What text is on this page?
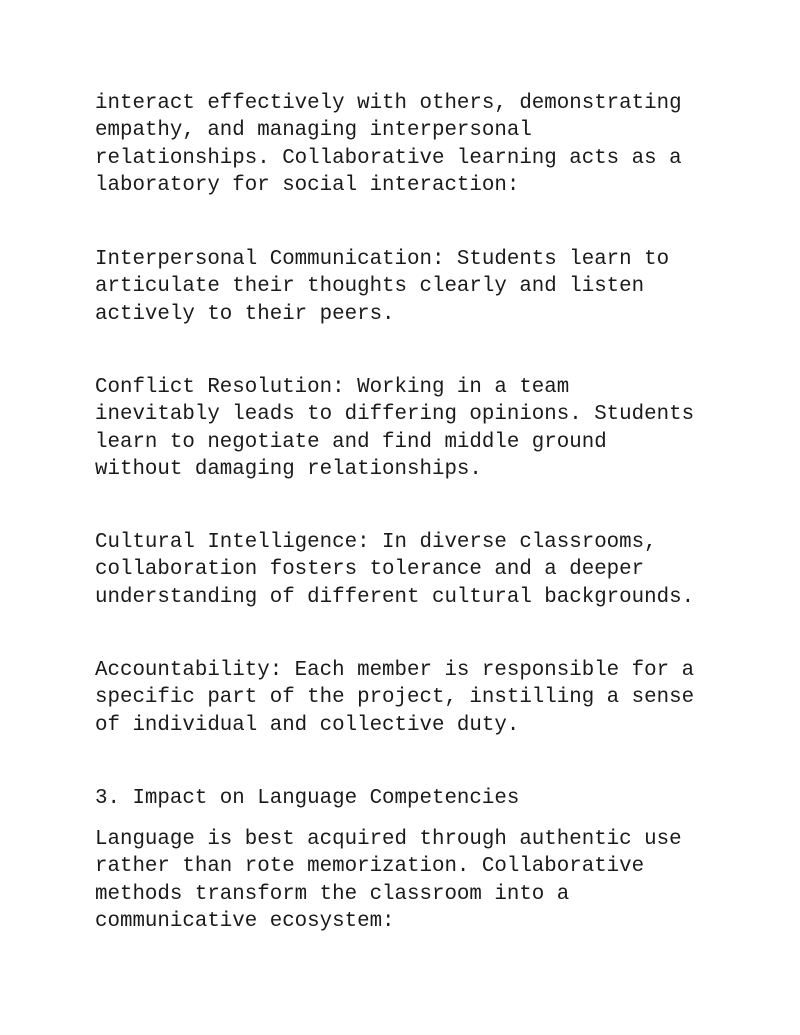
interact effectively with others, demonstrating
empathy, and managing interpersonal
relationships. Collaborative learning acts as a
laboratory for social interaction:

Interpersonal Communication: Students learn to
articulate their thoughts clearly and listen
actively to their peers.

Conflict Resolution: Working in a team
inevitably leads to differing opinions. Students
learn to negotiate and find middle ground
without damaging relationships.

Cultural Intelligence: In diverse classrooms,
collaboration fosters tolerance and a deeper
understanding of different cultural backgrounds.

Accountability: Each member is responsible for a
specific part of the project, instilling a sense
of individual and collective duty.

3. Impact on Language Competencies

Language is best acquired through authentic use
rather than rote memorization. Collaborative
methods transform the classroom into a
communicative ecosystem:
